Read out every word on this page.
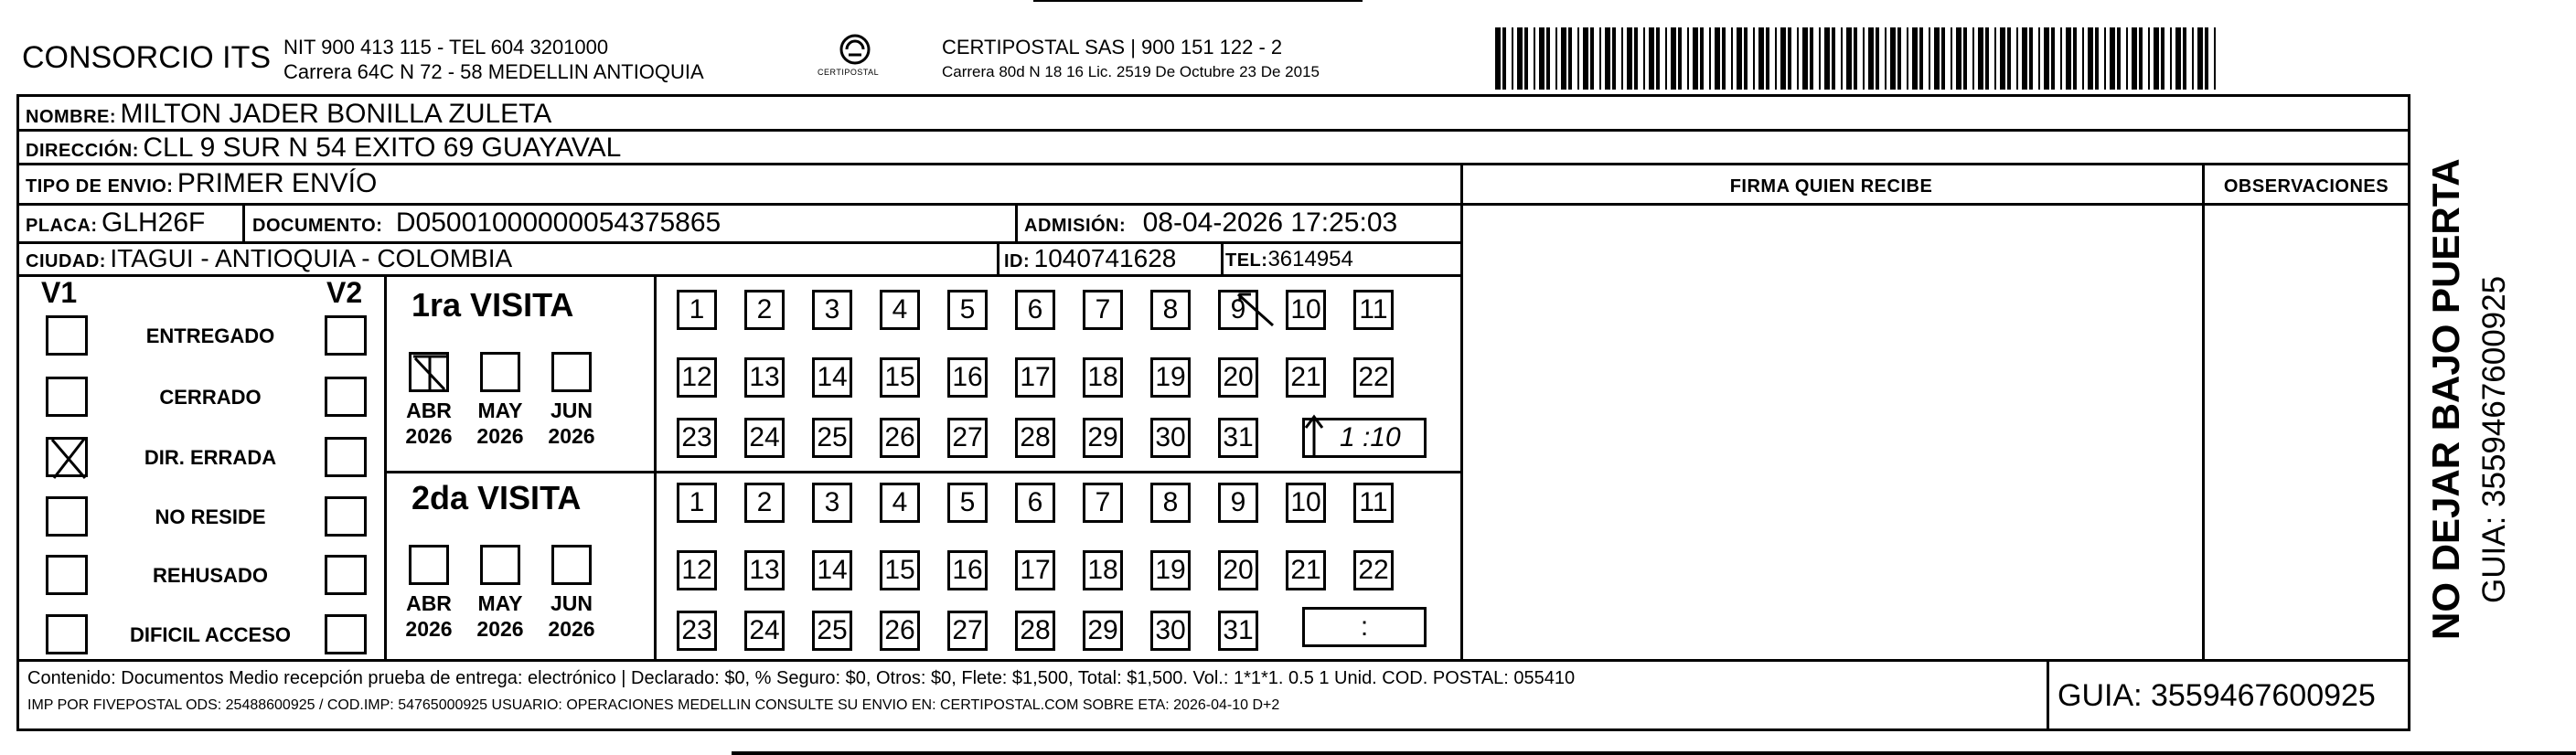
CONSORCIO ITS NIT 900 413 115 - TEL 604 3201000
Carrera 64C N 72 - 58 MEDELLIN ANTIOQUIA	CERTIPOSTAL
CERTIPOSTAL SAS | 900 151 122 - 2
Carrera 80d N 18 16 Lic. 2519 De Octubre 23 De 2015
NOMBRE: MILTON JADER BONILLA ZULETA
DIRECCIÓN: CLL 9 SUR N 54 EXITO 69 GUAYAVAL
TIPO DE ENVIO: PRIMER ENVÍO
PLACA: GLH26F	DOCUMENTO: D05001000000054375865	ADMISIÓN: 08-04-2026 17:25:03
CIUDAD: ITAGUI - ANTIOQUIA - COLOMBIA	ID: 1040741628	TEL:3614954
FIRMA QUIEN RECIBE	OBSERVACIONES
V1	V2
ENTREGADO
CERRADO
DIR. ERRADA
NO RESIDE
REHUSADO
DIFICIL ACCESO
1ra VISITA
2da VISITA
ABR
2026
MAY
2026
JUN
2026
ABR
2026
MAY
2026
JUN
2026
1	2	3	4	5	6	7	8	9	10 11
12 13 14 15 16 17 18 19 20 21 22
23 24 25 26 27 28 29 30 31
1	2	3	4	5	6	7	8	9	10 11
12 13 14 15 16 17 18 19 20 21 22
23 24 25 26 27 28 29 30 31
1 :10
:	NO DEJAR BAJO PUERTA GUIA: 3559467600925
Contenido: Documentos Medio recepción prueba de entrega: electrónico | Declarado: $0, % Seguro: $0, Otros: $0, Flete: $1,500, Total: $1,500. Vol.: 1*1*1. 0.5 1 Unid. COD. POSTAL: 055410
IMP POR FIVEPOSTAL ODS: 25488600925 / COD.IMP: 54765000925 USUARIO: OPERACIONES MEDELLIN CONSULTE SU ENVIO EN: CERTIPOSTAL.COM SOBRE ETA: 2026-04-10 D+2	GUIA: 3559467600925
